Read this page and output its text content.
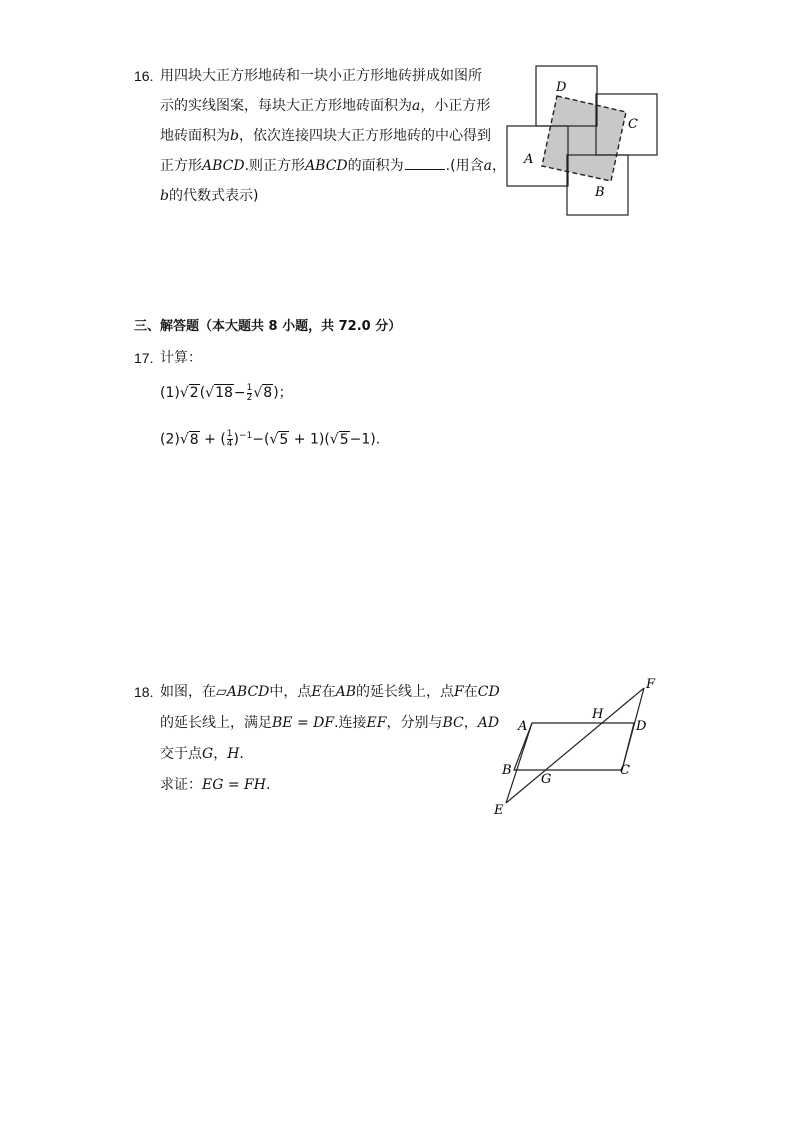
16. 用四块大正方形地砖和一块小正方形地砖拼成如图所
示的实线图案，每块大正方形地砖面积为a，小正方形
地砖面积为b，依次连接四块大正方形地砖的中心得到
正方形ABCD.则正方形ABCD的面积为	.(用含a，
b的代数式表示)
D
C
A
B
三、解答题（本大题共 8 小题，共 72.0 分）
17. 计算：
$(1)√2(√18- \frac{1}{2} √8)$；
(2)√8 + ( $\frac{1}{4} )^{-1}-(√5 + 1)(√5-1)$.
18. 如图，在▱ABCD中，点E在AB的延长线上，点F在CD
的延长线上，满足BE = DF.连接EF，分别与BC，AD
交于点G，H.
求证：EG = FH.
A	D
B	C
E
F
G
H
